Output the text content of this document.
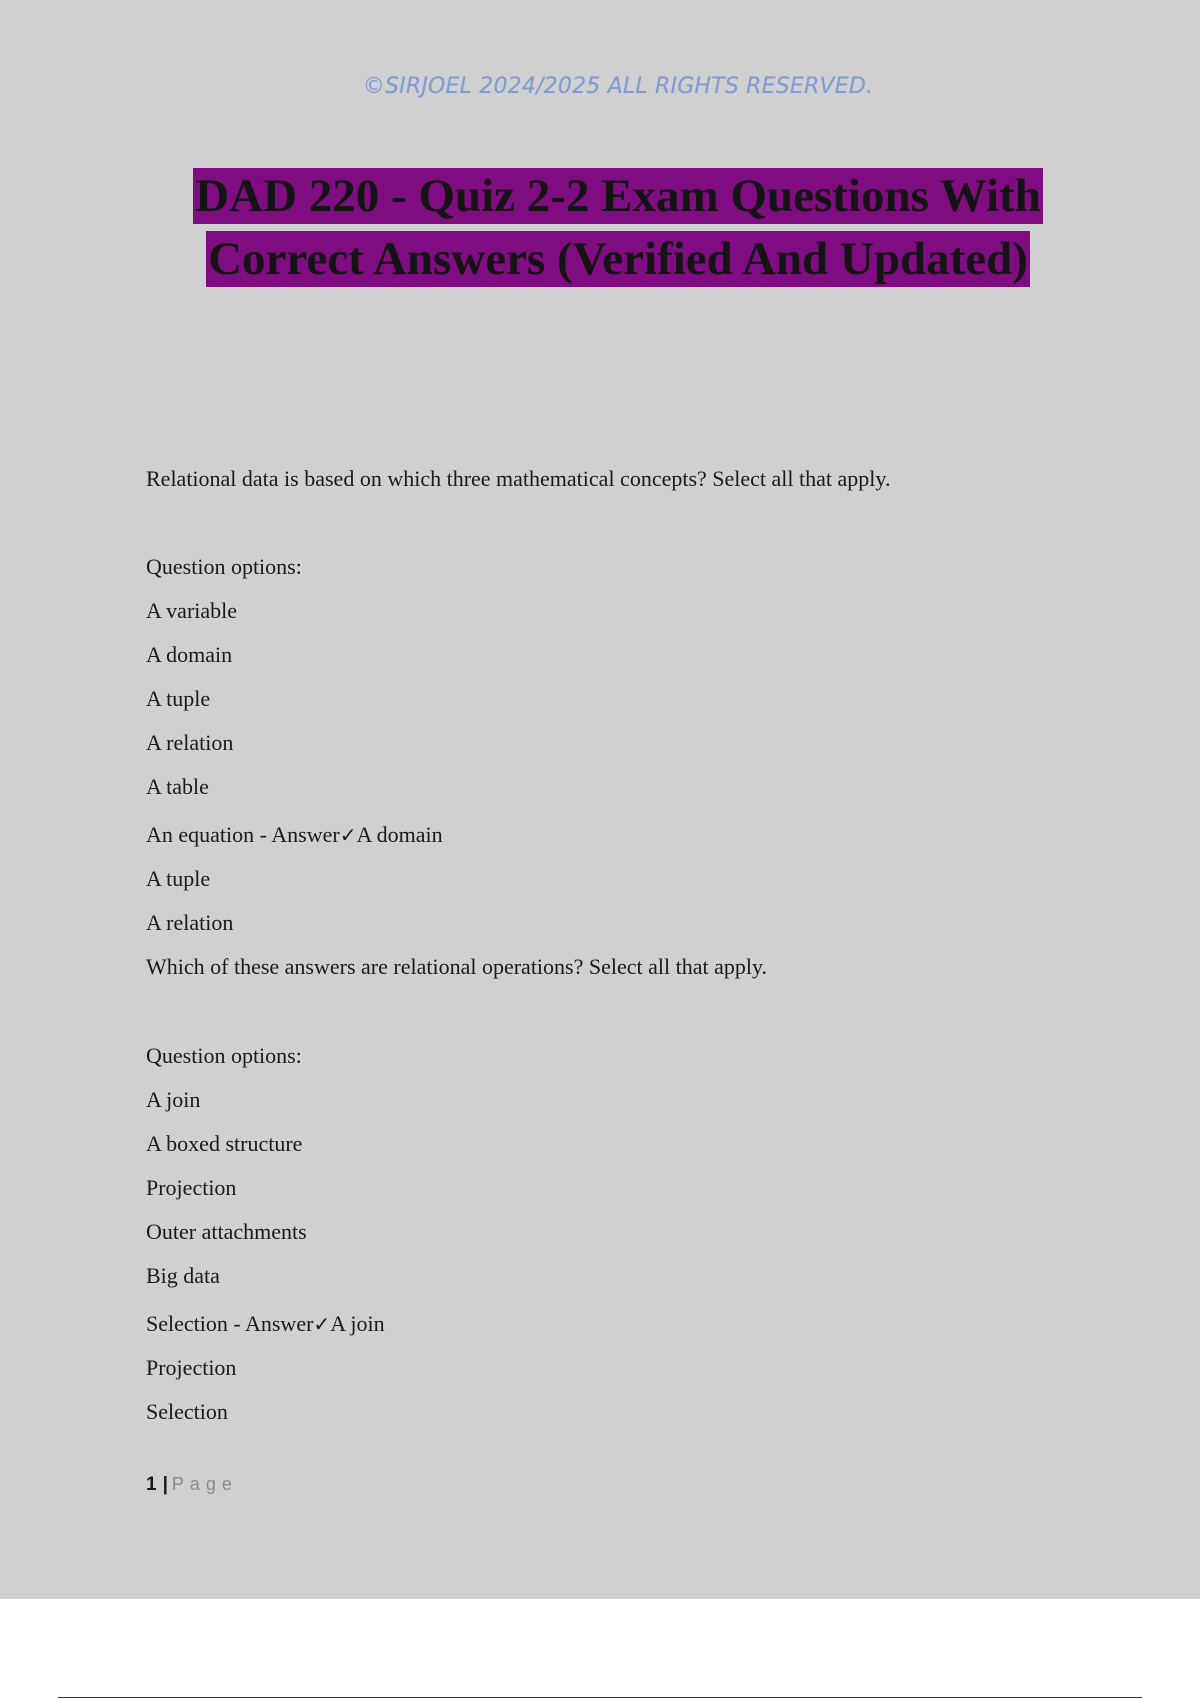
©SIRJOEL 2024/2025 ALL RIGHTS RESERVED.
DAD 220 - Quiz 2-2 Exam Questions With
Correct Answers (Verified And Updated)
Relational data is based on which three mathematical concepts? Select all that apply.
Question options:
A variable
A domain
A tuple
A relation
A table
An equation - Answer✓A domain
A tuple
A relation
Which of these answers are relational operations? Select all that apply.
Question options:
A join
A boxed structure
Projection
Outer attachments
Big data
Selection - Answer✓A join
Projection
Selection
1 | Page
